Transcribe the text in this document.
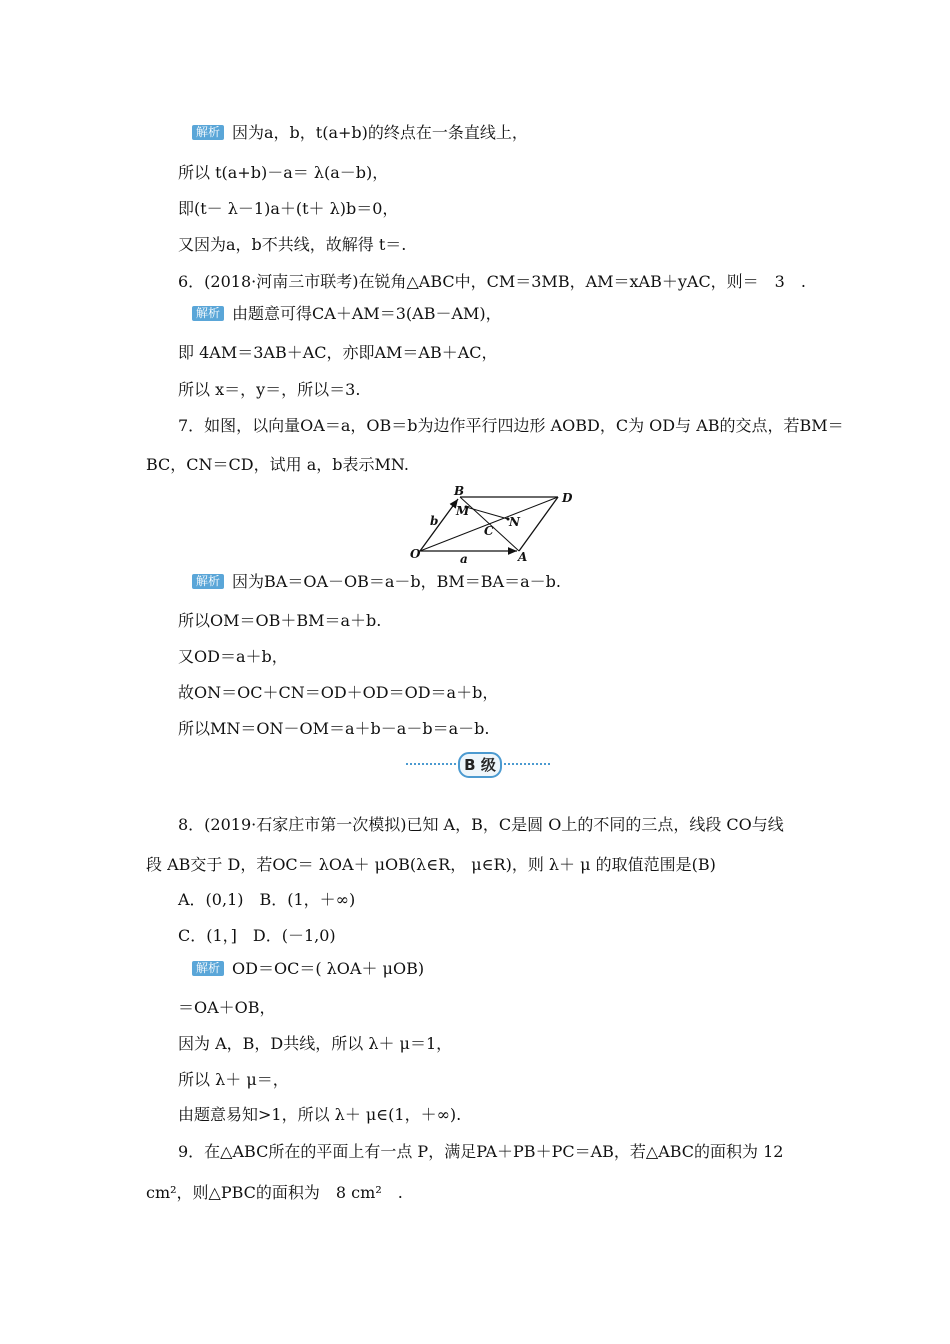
解析 因为a，b，t(a+b)的终点在一条直线上，
所以 t(a+b)－a＝ λ(a－b)，
即(t－ λ－1)a＋(t＋ λ)b＝0，
又因为a，b不共线，故解得 t＝.
6．(2018·河南三市联考)在锐角△ABC中，CM＝3MB，AM＝xAB＋yAC，则＝　3　.
解析 由题意可得CA＋AM＝3(AB－AM)，
即 4AM＝3AB＋AC，亦即AM＝AB＋AC，
所以 x＝，y＝，所以＝3.
7．如图，以向量OA＝a，OB＝b为边作平行四边形 AOBD，C为 OD与 AB的交点，若BM＝
BC，CN＝CD，试用 a，b表示MN.
B	D
M
N
C
b
O	A
a
解析 因为BA＝OA－OB＝a－b，BM＝BA＝a－b.
所以OM＝OB＋BM＝a＋b.
又OD＝a＋b，
故ON＝OC＋CN＝OD＋OD＝OD＝a＋b，
所以MN＝ON－OM＝a＋b－a－b＝a－b.
B 级
8．(2019·石家庄市第一次模拟)已知 A，B，C是圆 O上的不同的三点，线段 CO与线
段 AB交于 D，若OC＝ λOA＋ μOB(λ∈R， μ∈R)，则 λ＋ μ 的取值范围是(B)
A．(0,1)　B．(1，＋∞)
C．(1，]　D．(－1,0)
解析 OD＝OC＝( λOA＋ μOB)
＝OA＋OB，
因为 A，B，D共线，所以 λ＋ μ＝1，
所以 λ＋ μ＝，
由题意易知>1，所以 λ＋ μ∈(1，＋∞).
9．在△ABC所在的平面上有一点 P，满足PA＋PB＋PC＝AB，若△ABC的面积为 12
cm²，则△PBC的面积为　8 cm²　.
